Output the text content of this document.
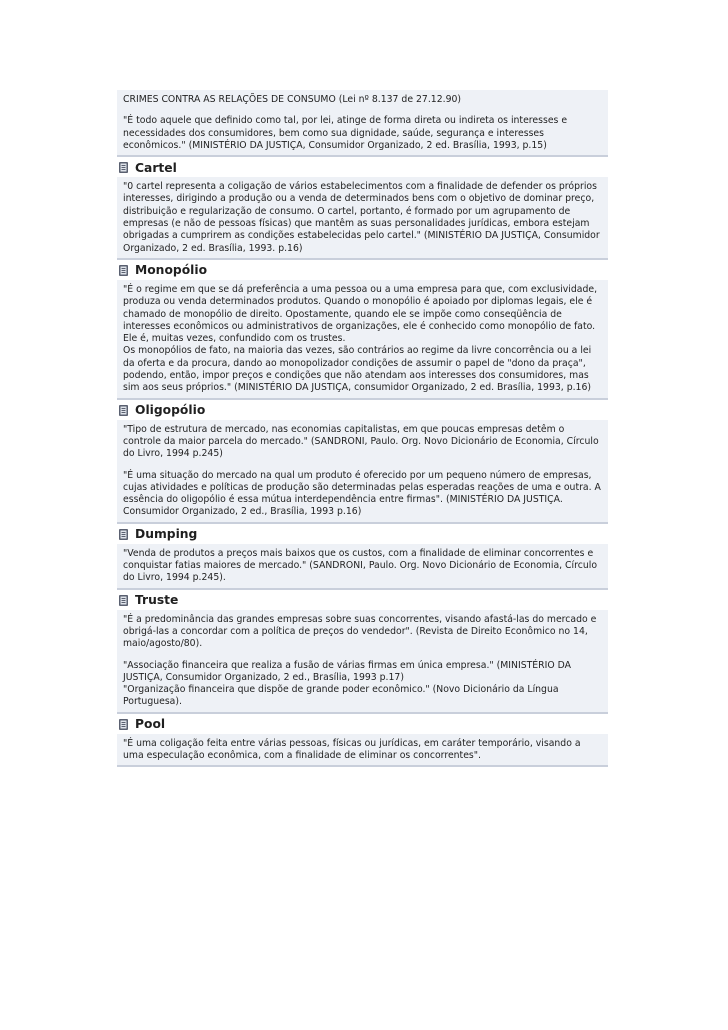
CRIMES CONTRA AS RELAÇÕES DE CONSUMO (Lei nº 8.137 de 27.12.90)
"É todo aquele que definido como tal, por lei, atinge de forma direta ou indireta os interesses e necessidades dos consumidores, bem como sua dignidade, saúde, segurança e interesses econômicos." (MINISTÉRIO DA JUSTIÇA, Consumidor Organizado, 2 ed. Brasília, 1993, p.15)
Cartel
"0 cartel representa a coligação de vários estabelecimentos com a finalidade de defender os próprios interesses, dirigindo a produção ou a venda de determinados bens com o objetivo de dominar preço, distribuição e regularização de consumo. O cartel, portanto, é formado por um agrupamento de empresas (e não de pessoas físicas) que mantêm as suas personalidades jurídicas, embora estejam obrigadas a cumprirem as condições estabelecidas pelo cartel." (MINISTÉRIO DA JUSTIÇA, Consumidor Organizado, 2 ed. Brasília, 1993. p.16)
Monopólio
"É o regime em que se dá preferência a uma pessoa ou a uma empresa para que, com exclusividade, produza ou venda determinados produtos. Quando o monopólio é apoiado por diplomas legais, ele é chamado de monopólio de direito. Opostamente, quando ele se impõe como conseqüência de interesses econômicos ou administrativos de organizações, ele é conhecido como monopólio de fato. Ele é, muitas vezes, confundido com os trustes.
Os monopólios de fato, na maioria das vezes, são contrários ao regime da livre concorrência ou a lei da oferta e da procura, dando ao monopolizador condições de assumir o papel de "dono da praça", podendo, então, impor preços e condições que não atendam aos interesses dos consumidores, mas sim aos seus próprios." (MINISTÉRIO DA JUSTIÇA, consumidor Organizado, 2 ed. Brasília, 1993, p.16)
Oligopólio
"Tipo de estrutura de mercado, nas economias capitalistas, em que poucas empresas detêm o controle da maior parcela do mercado." (SANDRONI, Paulo. Org. Novo Dicionário de Economia, Círculo do Livro, 1994 p.245)
"É uma situação do mercado na qual um produto é oferecido por um pequeno número de empresas, cujas atividades e políticas de produção são determinadas pelas esperadas reações de uma e outra. A essência do oligopólio é essa mútua interdependência entre firmas". (MINISTÉRIO DA JUSTIÇA. Consumidor Organizado, 2 ed., Brasília, 1993 p.16)
Dumping
"Venda de produtos a preços mais baixos que os custos, com a finalidade de eliminar concorrentes e conquistar fatias maiores de mercado." (SANDRONI, Paulo. Org. Novo Dicionário de Economia, Círculo do Livro, 1994 p.245).
Truste
"É a predominância das grandes empresas sobre suas concorrentes, visando afastá-las do mercado e obrigá-las a concordar com a política de preços do vendedor". (Revista de Direito Econômico no 14, maio/agosto/80).
"Associação financeira que realiza a fusão de várias firmas em única empresa." (MINISTÉRIO DA JUSTIÇA, Consumidor Organizado, 2 ed., Brasília, 1993 p.17)
"Organização financeira que dispõe de grande poder econômico." (Novo Dicionário da Língua Portuguesa).
Pool
"É uma coligação feita entre várias pessoas, físicas ou jurídicas, em caráter temporário, visando a uma especulação econômica, com a finalidade de eliminar os concorrentes".
